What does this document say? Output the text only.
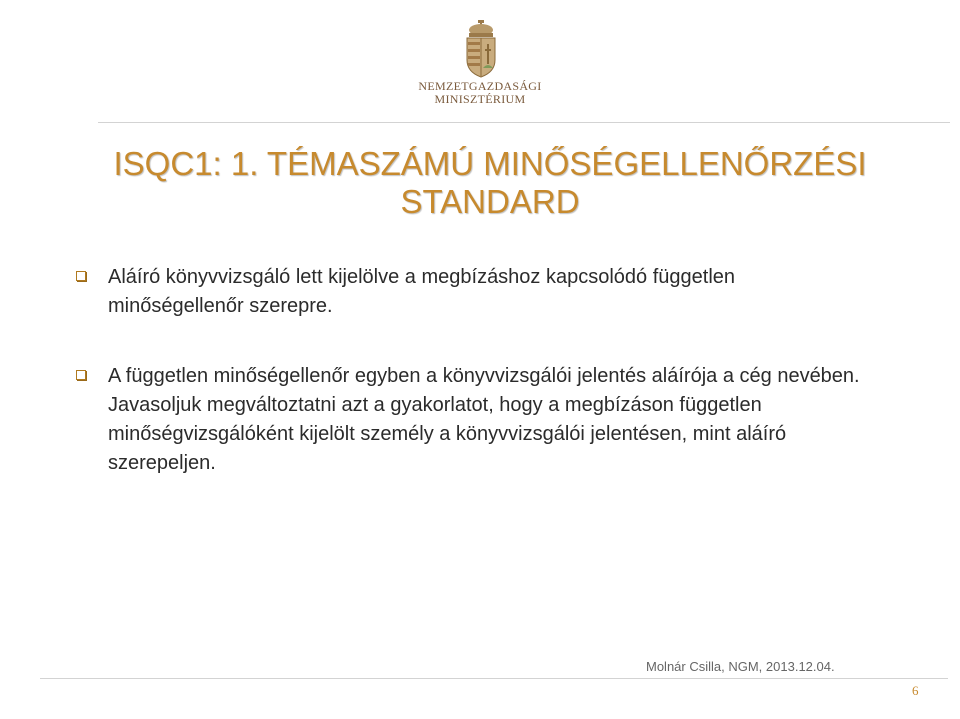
NEMZETGAZDASÁGI
MINISZTÉRIUM
ISQC1: 1. TÉMASZÁMÚ MINŐSÉGELLENŐRZÉSI
STANDARD
Aláíró könyvvizsgáló lett kijelölve a megbízáshoz kapcsolódó független minőségellenőr szerepre.
A független minőségellenőr egyben a könyvvizsgálói jelentés aláírója a cég nevében. Javasoljuk megváltoztatni azt a gyakorlatot, hogy a megbízáson független minőségvizsgálóként kijelölt személy a könyvvizsgálói jelentésen, mint aláíró szerepeljen.
Molnár Csilla, NGM, 2013.12.04.
6
